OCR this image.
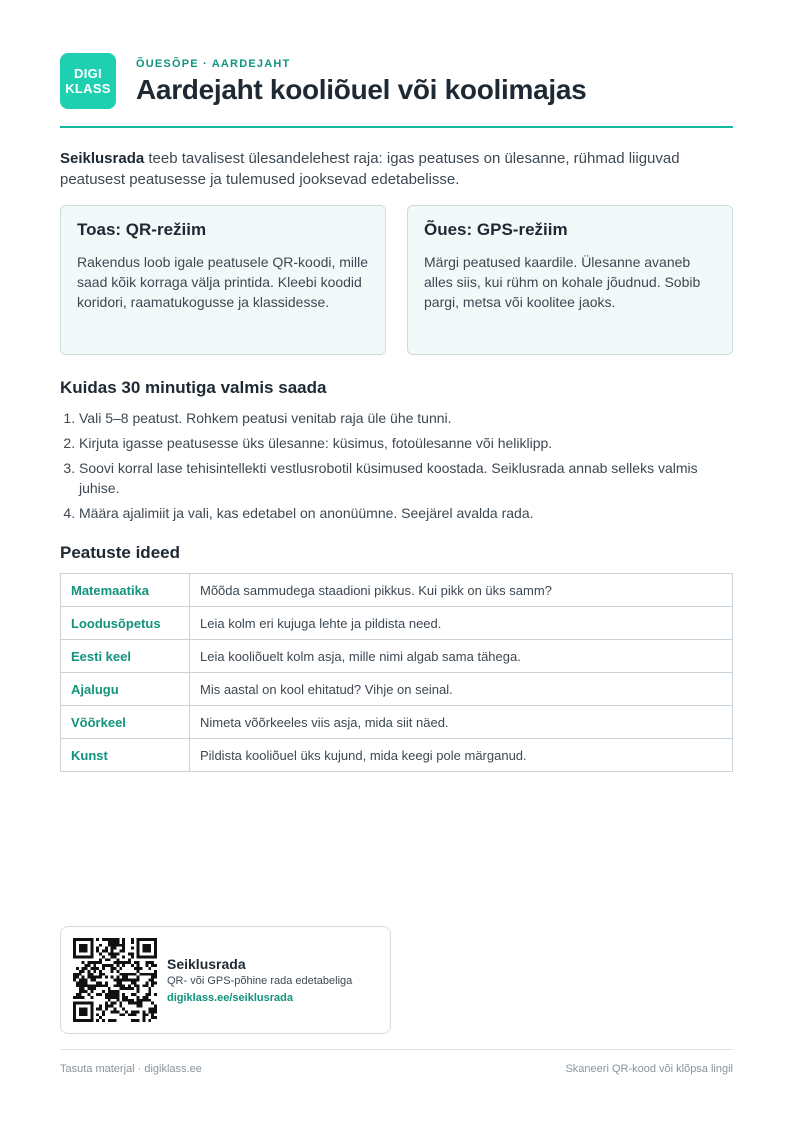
DIGI
KLASS
ÕUESÕPE · AARDEJAHT
Aardejaht kooliõuel või koolimajas

Seiklusrada teeb tavalisest ülesandelehest raja: igas peatuses on ülesanne, rühmad liiguvad peatusest peatusesse ja tulemused jooksevad edetabelisse.

Toas: QR-režiim
Rakendus loob igale peatusele QR-koodi, mille saad kõik korraga välja printida. Kleebi koodid koridori, raamatukogusse ja klassidesse.
Õues: GPS-režiim
Märgi peatused kaardile. Ülesanne avaneb alles siis, kui rühm on kohale jõudnud. Sobib pargi, metsa või koolitee jaoks.
Kuidas 30 minutiga valmis saada
1. Vali 5–8 peatust. Rohkem peatusi venitab raja üle ühe tunni.
2. Kirjuta igasse peatusesse üks ülesanne: küsimus, fotoülesanne või heliklipp.
3. Soovi korral lase tehisintellekti vestlusrobotil küsimused koostada. Seiklusrada annab selleks valmis juhise.
4. Määra ajalimiit ja vali, kas edetabel on anonüümne. Seejärel avalda rada.
Peatuste ideed
Matemaatika	Mõõda sammudega staadioni pikkus. Kui pikk on üks samm?
Loodusõpetus	Leia kolm eri kujuga lehte ja pildista need.
Eesti keel	Leia kooliõuelt kolm asja, mille nimi algab sama tähega.
Ajalugu	Mis aastal on kool ehitatud? Vihje on seinal.
Võõrkeel	Nimeta võõrkeeles viis asja, mida siit näed.
Kunst	Pildista kooliõuel üks kujund, mida keegi pole märganud.
Seiklusrada
QR- või GPS-põhine rada edetabeliga
digiklass.ee/seiklusrada
Tasuta materjal · digiklass.ee	Skaneeri QR-kood või klõpsa lingil
